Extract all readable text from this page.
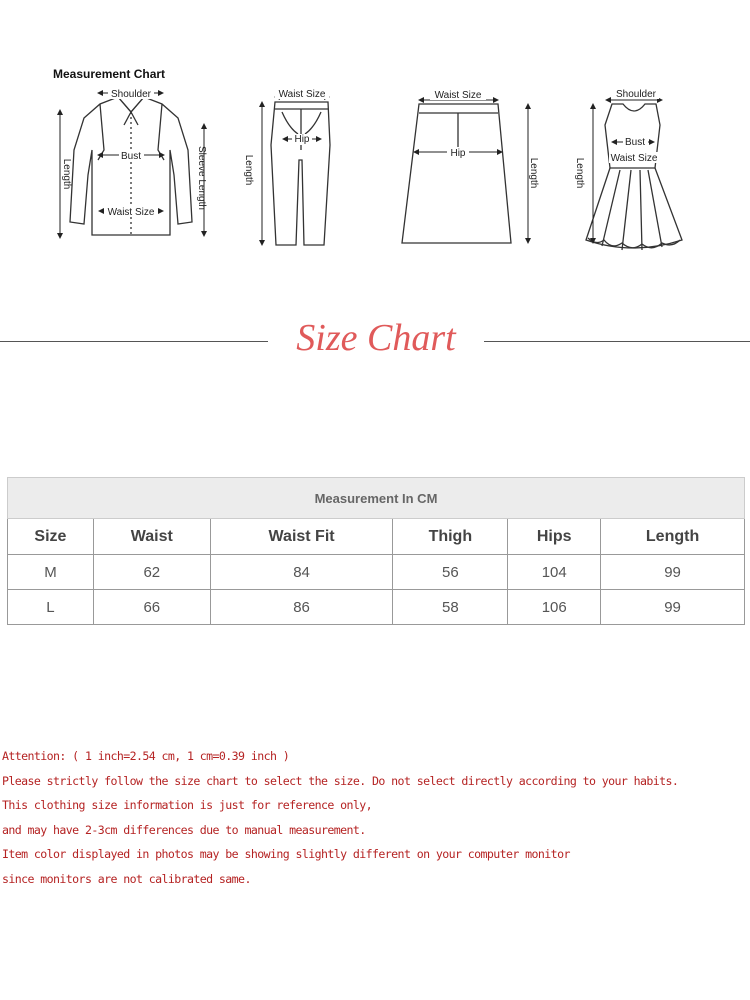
Measurement Chart
Shoulder
Bust
Waist Size
Length	Sleeve Length
Waist Size
Hip
Length
Waist Size
Hip
Length
Shoulder
Bust
Waist Size
Length
Size Chart
Measurement In CM					
Size	Waist	Waist Fit	Thigh	Hips	Length
M	62	84	56	104	99
L	66	86	58	106	99
Attention: ( 1 inch=2.54 cm, 1 cm=0.39 inch )
Please strictly follow the size chart to select the size. Do not select directly according to your habits.
This clothing size information is just for reference only,
and may have 2-3cm differences due to manual measurement.
Item color displayed in photos may be showing slightly different on your computer monitor
since monitors are not calibrated same.
